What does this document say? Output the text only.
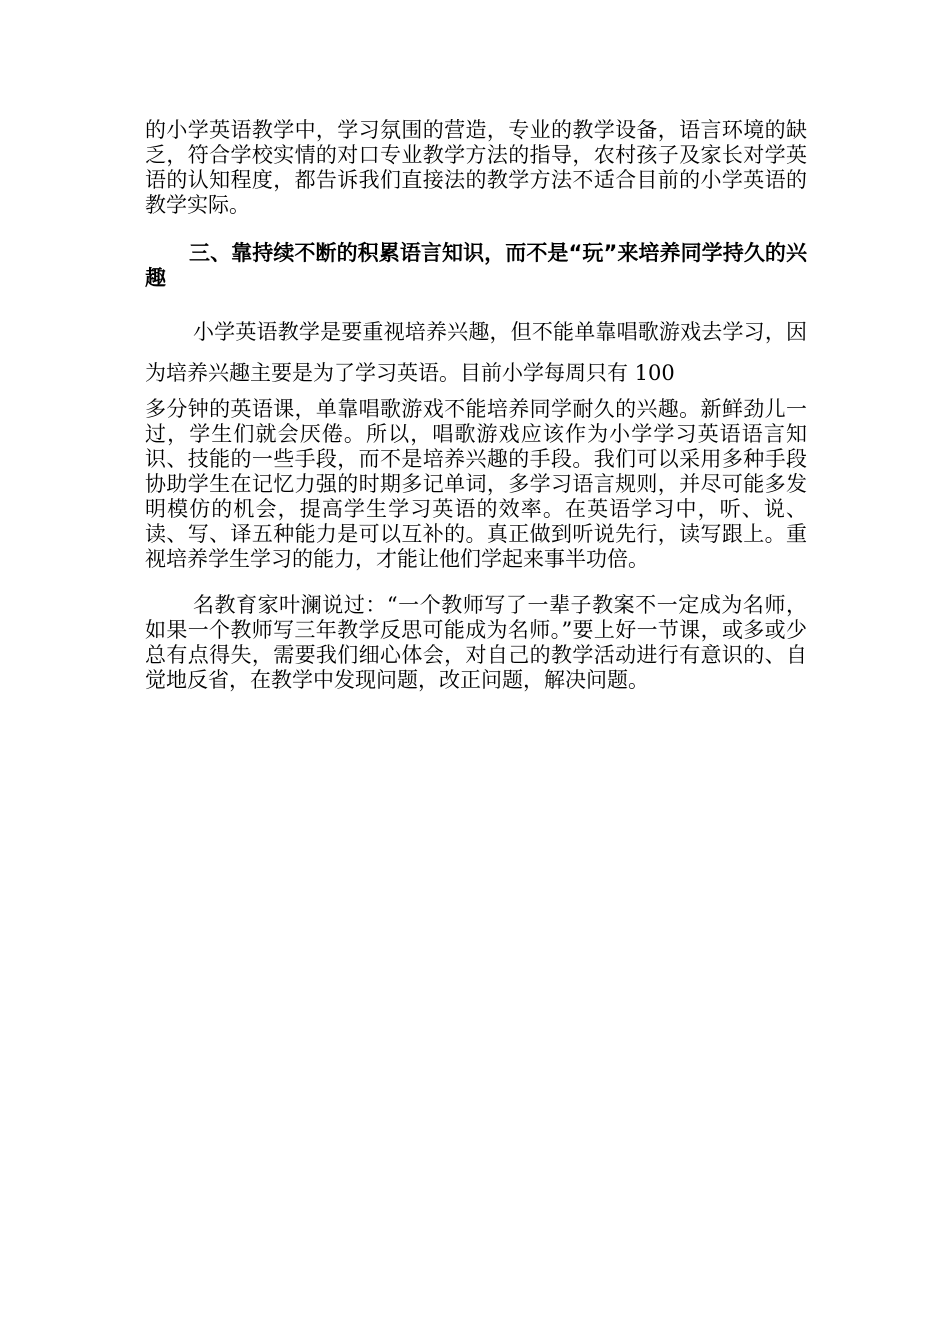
的小学英语教学中，学习氛围的营造，专业的教学设备，语言环境的缺乏，符合学校实情的对口专业教学方法的指导，农村孩子及家长对学英语的认知程度，都告诉我们直接法的教学方法不适合目前的小学英语的教学实际。

三、靠持续不断的积累语言知识，而不是“玩”来培养同学持久的兴趣

小学英语教学是要重视培养兴趣，但不能单靠唱歌游戏去学习，因为培养兴趣主要是为了学习英语。目前小学每周只有 100

多分钟的英语课，单靠唱歌游戏不能培养同学耐久的兴趣。新鲜劲儿一过，学生们就会厌倦。所以，唱歌游戏应该作为小学学习英语语言知识、技能的一些手段，而不是培养兴趣的手段。我们可以采用多种手段协助学生在记忆力强的时期多记单词，多学习语言规则，并尽可能多发明模仿的机会，提高学生学习英语的效率。在英语学习中，听、说、读、写、译五种能力是可以互补的。真正做到听说先行，读写跟上。重视培养学生学习的能力，才能让他们学起来事半功倍。

名教育家叶澜说过：“一个教师写了一辈子教案不一定成为名师，如果一个教师写三年教学反思可能成为名师。”要上好一节课，或多或少总有点得失，需要我们细心体会，对自己的教学活动进行有意识的、自觉地反省，在教学中发现问题，改正问题，解决问题。
